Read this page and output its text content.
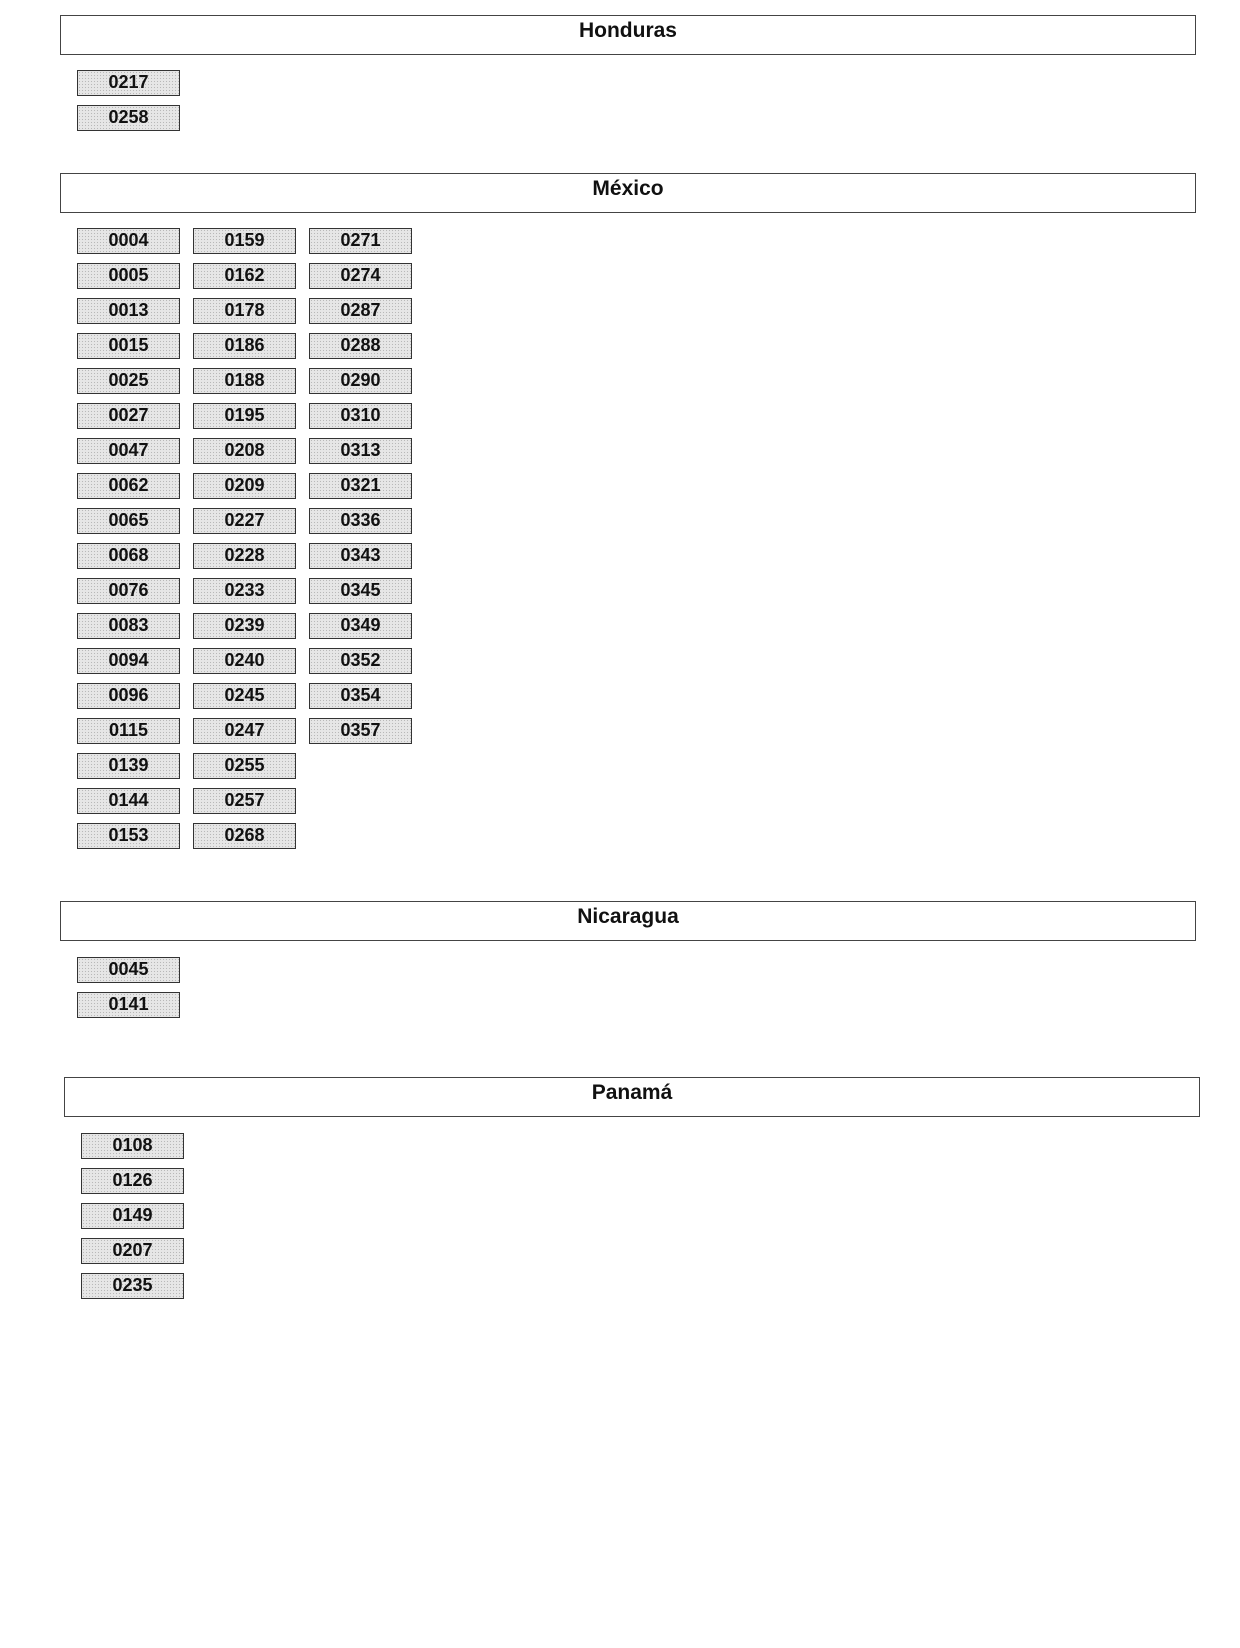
Honduras
0217
0258
México
0004
0005
0013
0015
0025
0027
0047
0062
0065
0068
0076
0083
0094
0096
0115
0139
0144
0153
0159
0162
0178
0186
0188
0195
0208
0209
0227
0228
0233
0239
0240
0245
0247
0255
0257
0268
0271
0274
0287
0288
0290
0310
0313
0321
0336
0343
0345
0349
0352
0354
0357
Nicaragua
0045
0141
Panamá
0108
0126
0149
0207
0235
